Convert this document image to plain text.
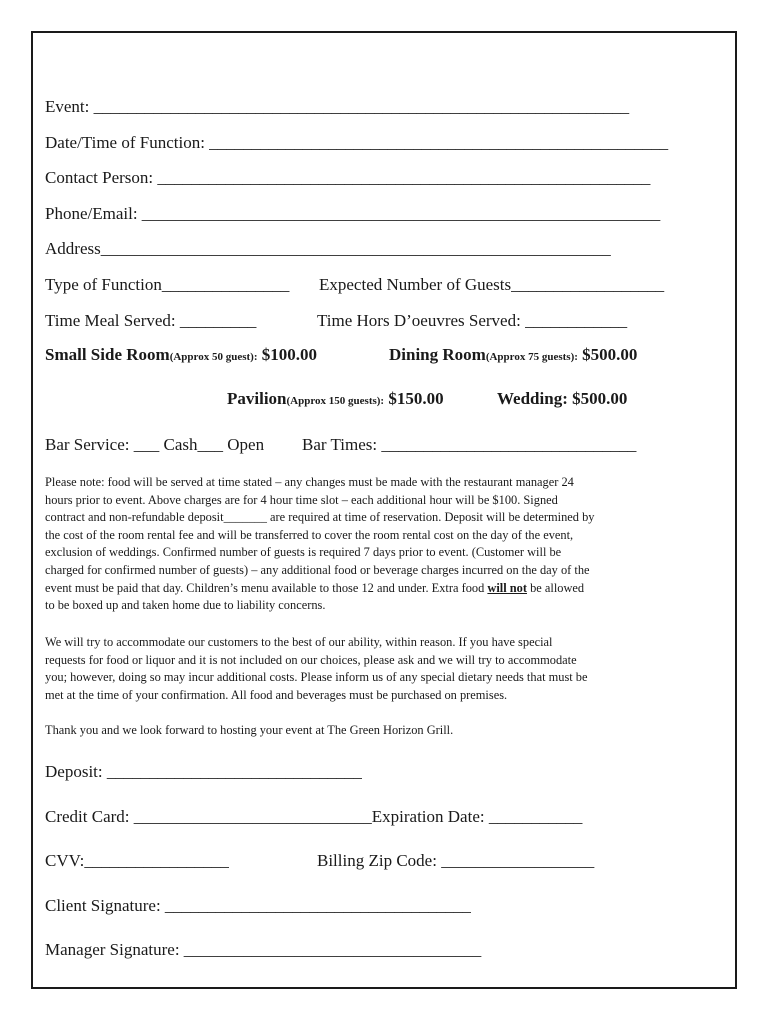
Event: _______________________________________________________________
Date/Time of Function: ______________________________________________________
Contact Person: __________________________________________________________
Phone/Email: _____________________________________________________________
Address____________________________________________________________
Type of Function_______________ Expected Number of Guests__________________
Time Meal Served: _________	Time Hors D’oeuvres Served: ____________
Small Side Room(Approx 50 guest): $100.00	Dining Room(Approx 75 guests): $500.00
Pavilion(Approx 150 guests): $150.00	Wedding: $500.00
Bar Service: ___ Cash___ Open Bar Times: ______________________________
Please note: food will be served at time stated – any changes must be made with the restaurant manager 24
hours prior to event. Above charges are for 4 hour time slot – each additional hour will be $100. Signed
contract and non-refundable deposit_______ are required at time of reservation. Deposit will be determined by
the cost of the room rental fee and will be transferred to cover the room rental cost on the day of the event,
exclusion of weddings. Confirmed number of guests is required 7 days prior to event. (Customer will be
charged for confirmed number of guests) – any additional food or beverage charges incurred on the day of the
event must be paid that day. Children’s menu available to those 12 and under. Extra food will not be allowed
to be boxed up and taken home due to liability concerns.
We will try to accommodate our customers to the best of our ability, within reason. If you have special
requests for food or liquor and it is not included on our choices, please ask and we will try to accommodate
you; however, doing so may incur additional costs. Please inform us of any special dietary needs that must be
met at the time of your confirmation. All food and beverages must be purchased on premises.
Thank you and we look forward to hosting your event at The Green Horizon Grill.
Deposit: ______________________________
Credit Card: ____________________________Expiration Date: ___________
CVV:_________________	Billing Zip Code: __________________
Client Signature: ____________________________________
Manager Signature: ___________________________________
